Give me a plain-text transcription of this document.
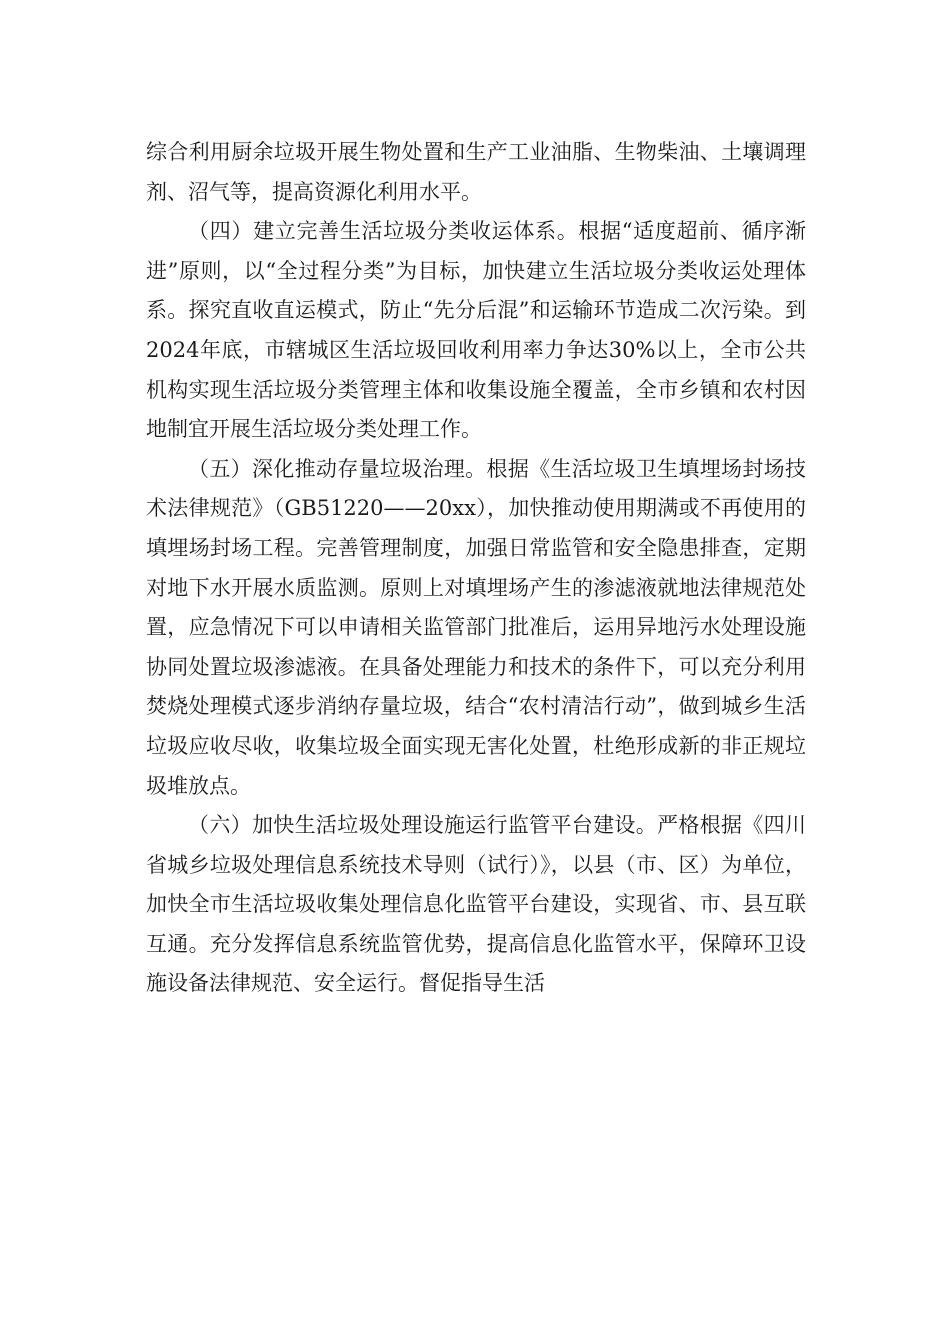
综合利用厨余垃圾开展生物处置和生产工业油脂、生物柴油、土壤调理剂、沼气等，提高资源化利用水平。

（四）建立完善生活垃圾分类收运体系。根据“适度超前、循序渐进”原则，以“全过程分类”为目标，加快建立生活垃圾分类收运处理体系。探究直收直运模式，防止“先分后混”和运输环节造成二次污染。到2024年底，市辖城区生活垃圾回收利用率力争达30%以上，全市公共机构实现生活垃圾分类管理主体和收集设施全覆盖，全市乡镇和农村因地制宜开展生活垃圾分类处理工作。

（五）深化推动存量垃圾治理。根据《生活垃圾卫生填埋场封场技术法律规范》（GB51220——20xx），加快推动使用期满或不再使用的填埋场封场工程。完善管理制度，加强日常监管和安全隐患排查，定期对地下水开展水质监测。原则上对填埋场产生的渗滤液就地法律规范处置，应急情况下可以申请相关监管部门批准后，运用异地污水处理设施协同处置垃圾渗滤液。在具备处理能力和技术的条件下，可以充分利用焚烧处理模式逐步消纳存量垃圾，结合“农村清洁行动”，做到城乡生活垃圾应收尽收，收集垃圾全面实现无害化处置，杜绝形成新的非正规垃圾堆放点。

（六）加快生活垃圾处理设施运行监管平台建设。严格根据《四川省城乡垃圾处理信息系统技术导则（试行）》，以县（市、区）为单位，加快全市生活垃圾收集处理信息化监管平台建设，实现省、市、县互联互通。充分发挥信息系统监管优势，提高信息化监管水平，保障环卫设施设备法律规范、安全运行。督促指导生活
